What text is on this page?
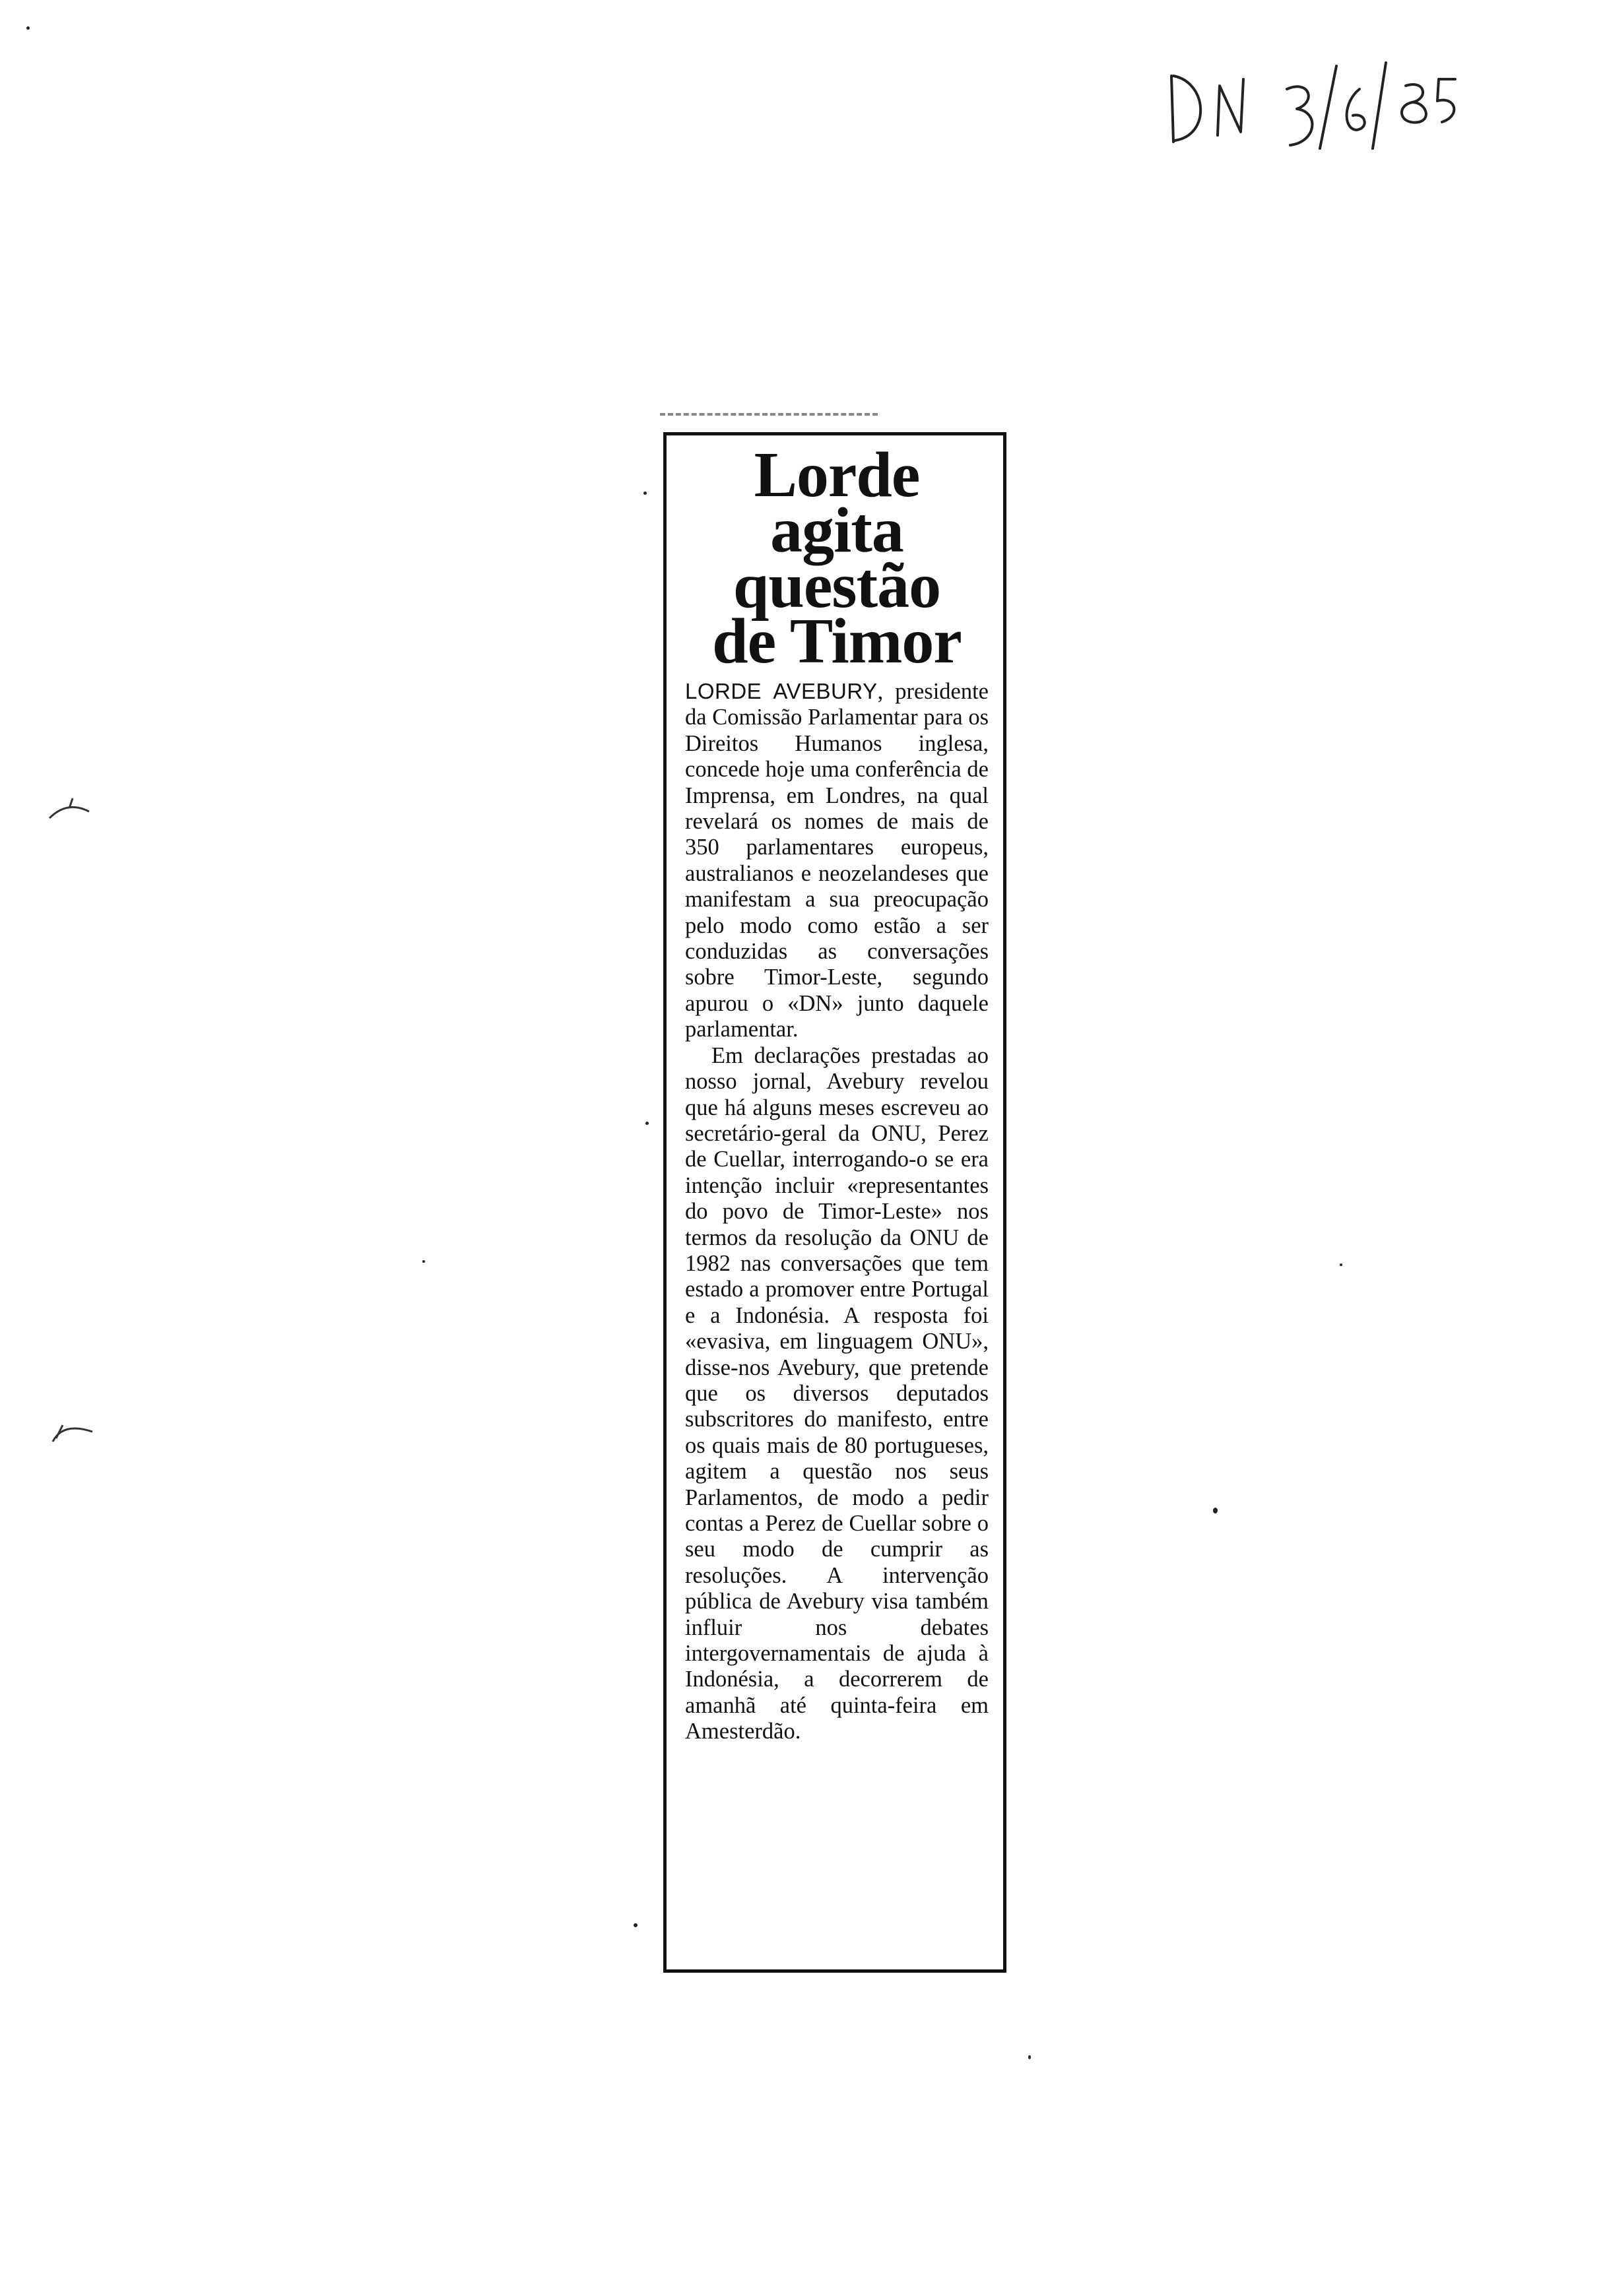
Lorde
agita
questão
de Timor

LORDE AVEBURY, presidente da Comissão Parlamentar para os Direitos Humanos inglesa, concede hoje uma conferência de Imprensa, em Londres, na qual revelará os nomes de mais de 350 parlamentares europeus, australianos e neozelandeses que manifestam a sua preocupação pelo modo como estão a ser conduzidas as conversações sobre Timor-Leste, segundo apurou o «DN» junto daquele parlamentar.

Em declarações prestadas ao nosso jornal, Avebury revelou que há alguns meses escreveu ao secretário-geral da ONU, Perez de Cuellar, interrogando-o se era intenção incluir «representantes do povo de Timor-Leste» nos termos da resolução da ONU de 1982 nas conversações que tem estado a promover entre Portugal e a Indonésia. A resposta foi «evasiva, em linguagem ONU», disse-nos Avebury, que pretende que os diversos deputados subscritores do manifesto, entre os quais mais de 80 portugueses, agitem a questão nos seus Parlamentos, de modo a pedir contas a Perez de Cuellar sobre o seu modo de cumprir as resoluções. A intervenção pública de Avebury visa também influir nos debates intergovernamentais de ajuda à Indonésia, a decorrerem de amanhã até quinta-feira em Amesterdão.
